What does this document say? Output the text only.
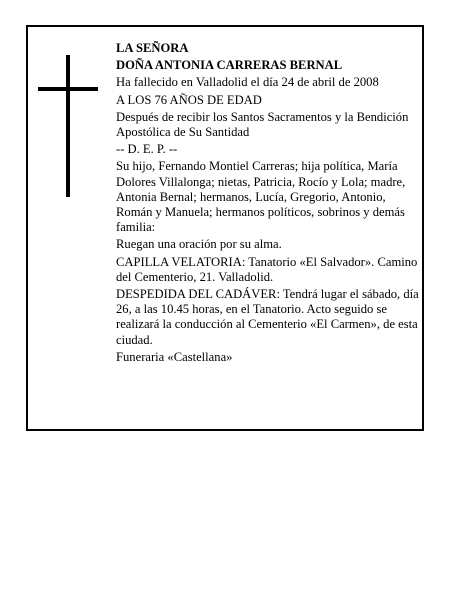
LA SEÑORA

DOÑA ANTONIA CARRERAS BERNAL

Ha fallecido en Valladolid el día 24 de abril de 2008

A LOS 76 AÑOS DE EDAD

Después de recibir los Santos Sacramentos y la Bendición Apostólica de Su Santidad

-- D. E. P. --

Su hijo, Fernando Montiel Carreras; hija política, María Dolores Villalonga; nietas, Patricia, Rocío y Lola; madre, Antonia Bernal; hermanos, Lucía, Gregorio, Antonio, Román y Manuela; hermanos políticos, sobrinos y demás familia:

Ruegan una oración por su alma.

CAPILLA VELATORIA: Tanatorio «El Salvador». Camino del Cementerio, 21. Valladolid.

DESPEDIDA DEL CADÁVER: Tendrá lugar el sábado, día 26, a las 10.45 horas, en el Tanatorio. Acto seguido se realizará la conducción al Cementerio «El Carmen», de esta ciudad.

Funeraria «Castellana»
